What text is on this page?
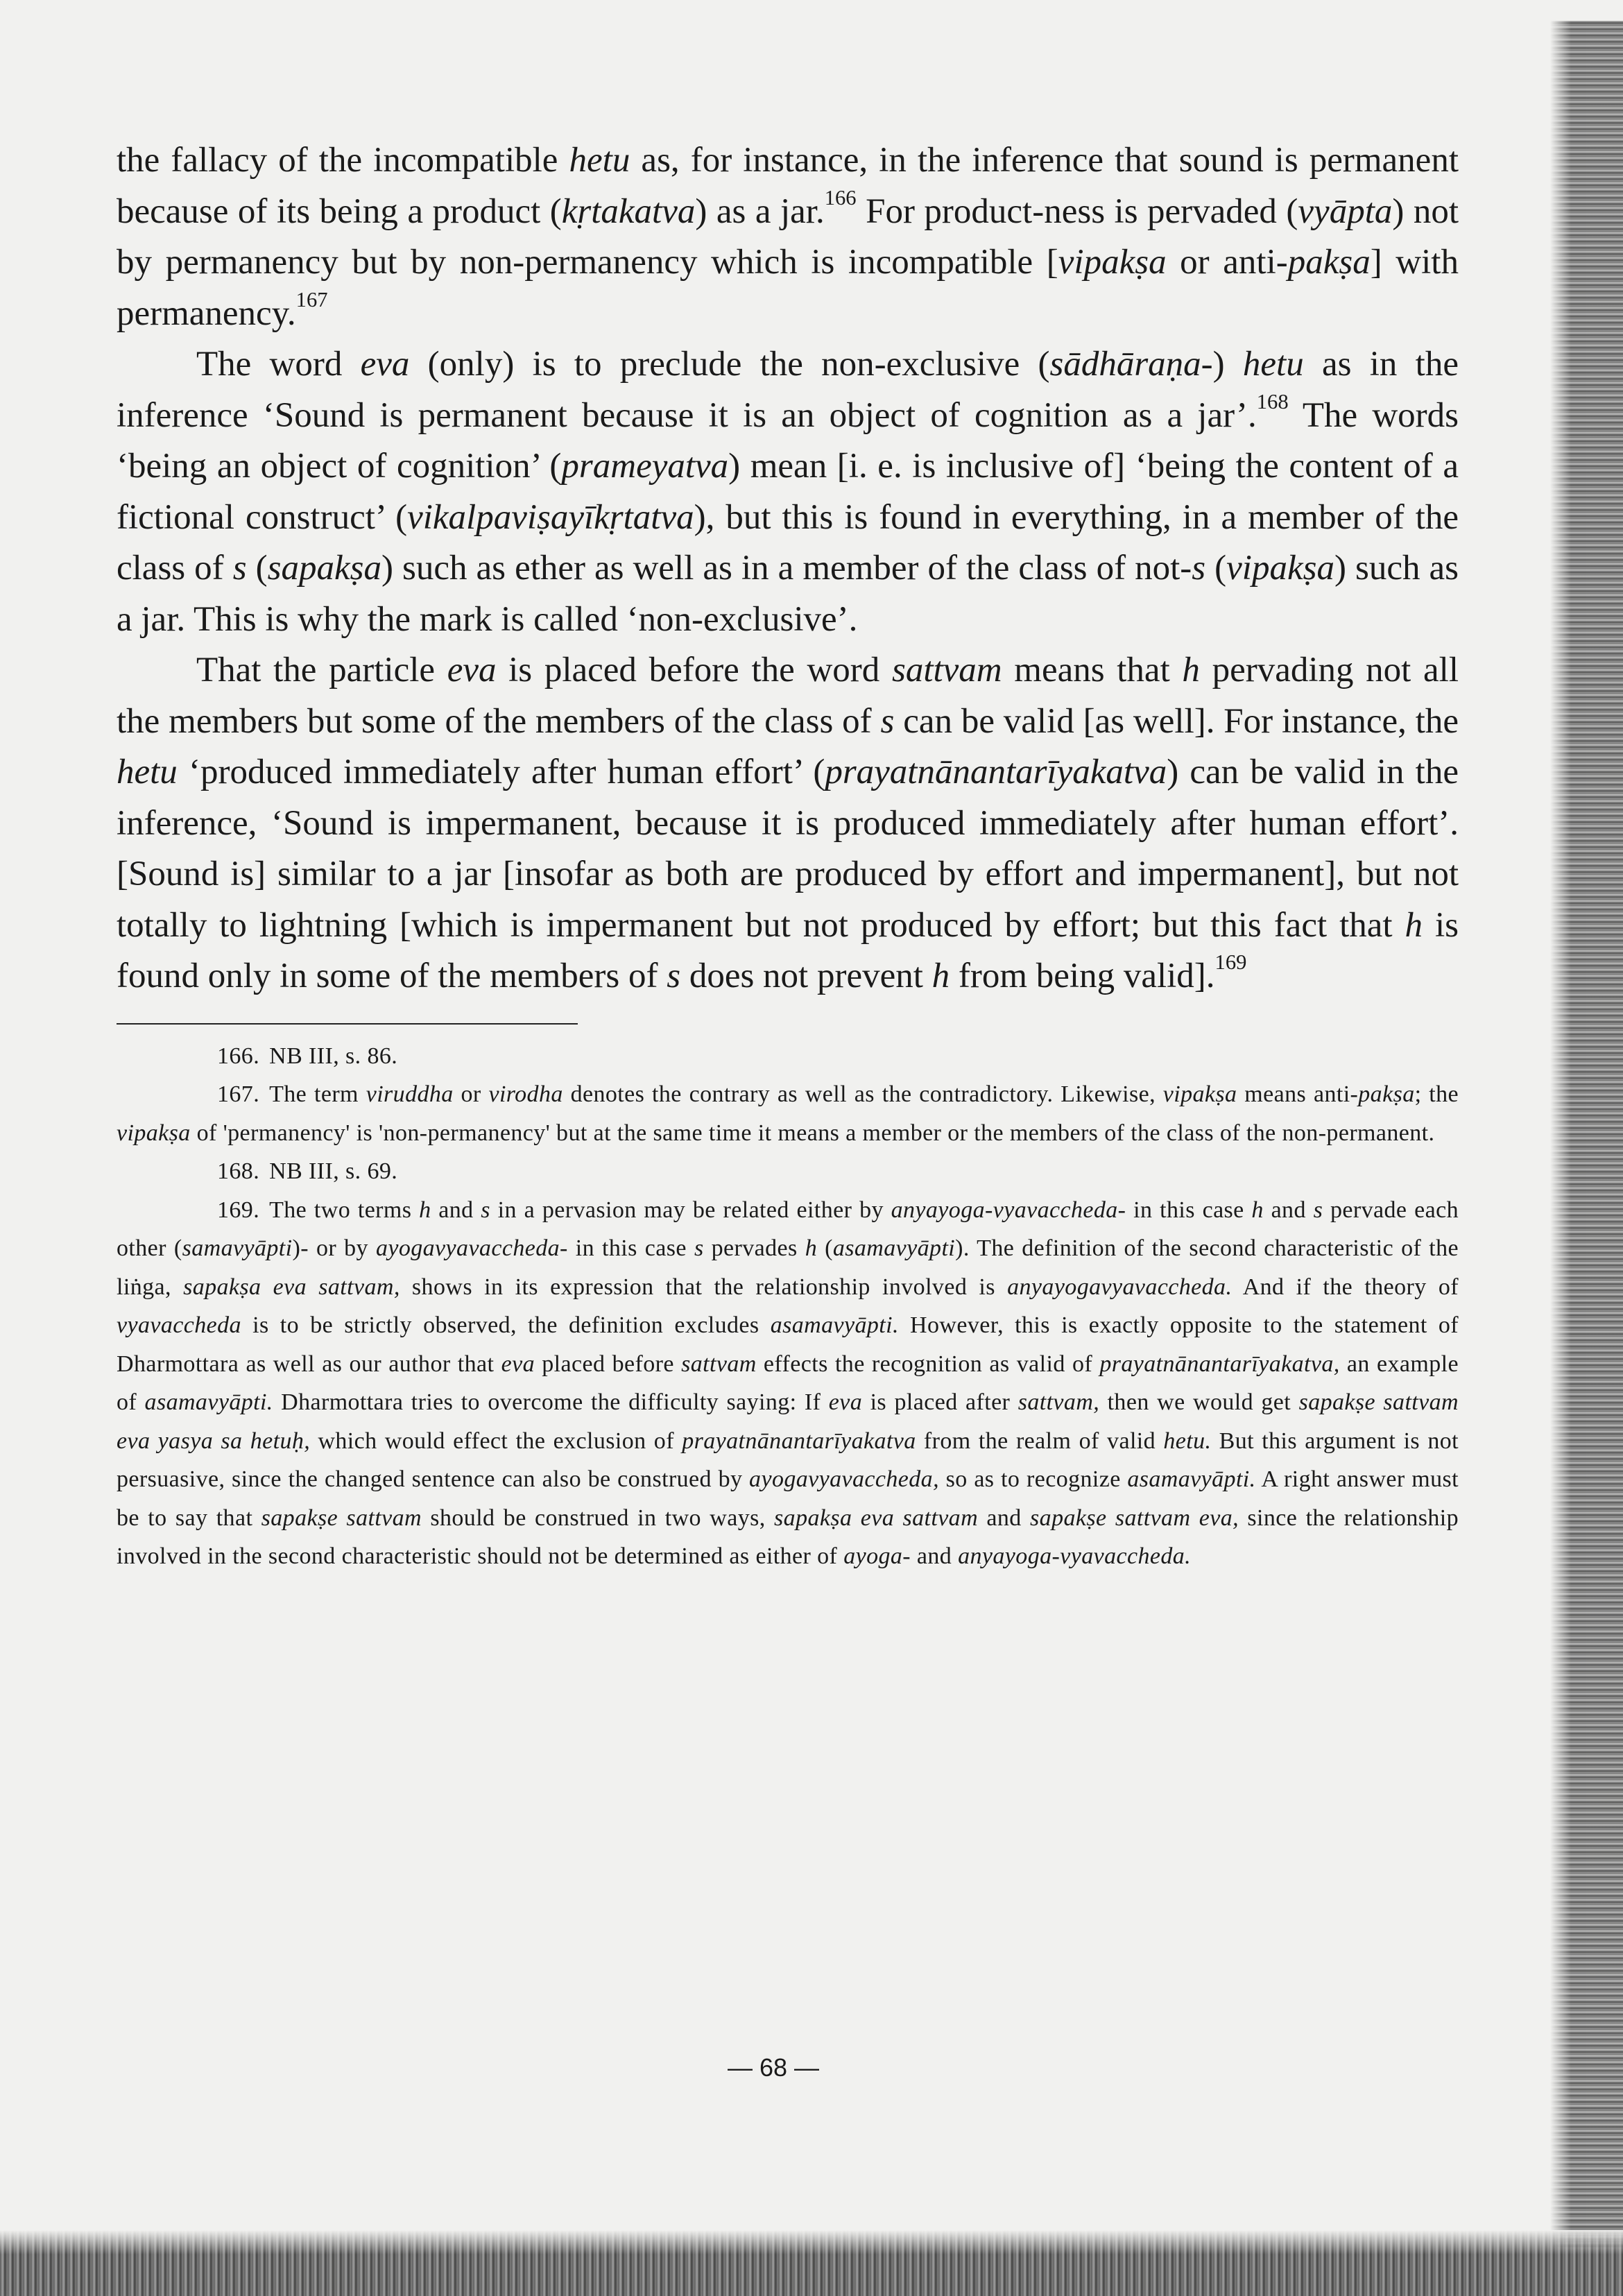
the fallacy of the incompatible hetu as, for instance, in the inference that sound is permanent because of its being a product (kṛtakatva) as a jar.$^{166}$ For product-ness is pervaded (vyāpta) not by permanency but by non-permanency which is incompatible [vipakṣa or anti-pakṣa] with permanency.$^{167}$

The word eva (only) is to preclude the non-exclusive (sādhāraṇa-) hetu as in the inference ‘Sound is permanent because it is an object of cognition as a jar’.$^{168}$ The words ‘being an object of cognition’ (prameyatva) mean [i. e. is inclusive of] ‘being the content of a fictional construct’ (vikalpaviṣayīkṛtatva), but this is found in everything, in a member of the class of s (sapakṣa) such as ether as well as in a member of the class of not-s (vipakṣa) such as a jar. This is why the mark is called ‘non-exclusive’.

That the particle eva is placed before the word sattvam means that h pervading not all the members but some of the members of the class of s can be valid [as well]. For instance, the hetu ‘produced immediately after human effort’ (prayatnānantarīyakatva) can be valid in the inference, ‘Sound is impermanent, because it is produced immediately after human effort’. [Sound is] similar to a jar [insofar as both are produced by effort and impermanent], but not totally to lightning [which is impermanent but not produced by effort; but this fact that h is found only in some of the members of s does not prevent h from being valid].$^{169}$

166. NB III, s. 86.

167. The term viruddha or virodha denotes the contrary as well as the contradictory. Likewise, vipakṣa means anti-pakṣa; the vipakṣa of 'permanency' is 'non-permanency' but at the same time it means a member or the members of the class of the non-permanent.

168. NB III, s. 69.

169. The two terms h and s in a pervasion may be related either by anyayoga-vyavaccheda- in this case h and s pervade each other (samavyāpti)- or by ayogavyavaccheda- in this case s pervades h (asamavyāpti). The definition of the second characteristic of the liṅga, sapakṣa eva sattvam, shows in its expression that the relationship involved is anyayogavyavaccheda. And if the theory of vyavaccheda is to be strictly observed, the definition excludes asamavyāpti. However, this is exactly opposite to the statement of Dharmottara as well as our author that eva placed before sattvam effects the recognition as valid of prayatnānantarīyakatva, an example of asamavyāpti. Dharmottara tries to overcome the difficulty saying: If eva is placed after sattvam, then we would get sapakṣe sattvam eva yasya sa hetuḥ, which would effect the exclusion of prayatnānantarīyakatva from the realm of valid hetu. But this argument is not persuasive, since the changed sentence can also be construed by ayogavyavaccheda, so as to recognize asamavyāpti. A right answer must be to say that sapakṣe sattvam should be construed in two ways, sapakṣa eva sattvam and sapakṣe sattvam eva, since the relationship involved in the second characteristic should not be determined as either of ayoga- and anyayoga-vyavaccheda.

— 68 —
